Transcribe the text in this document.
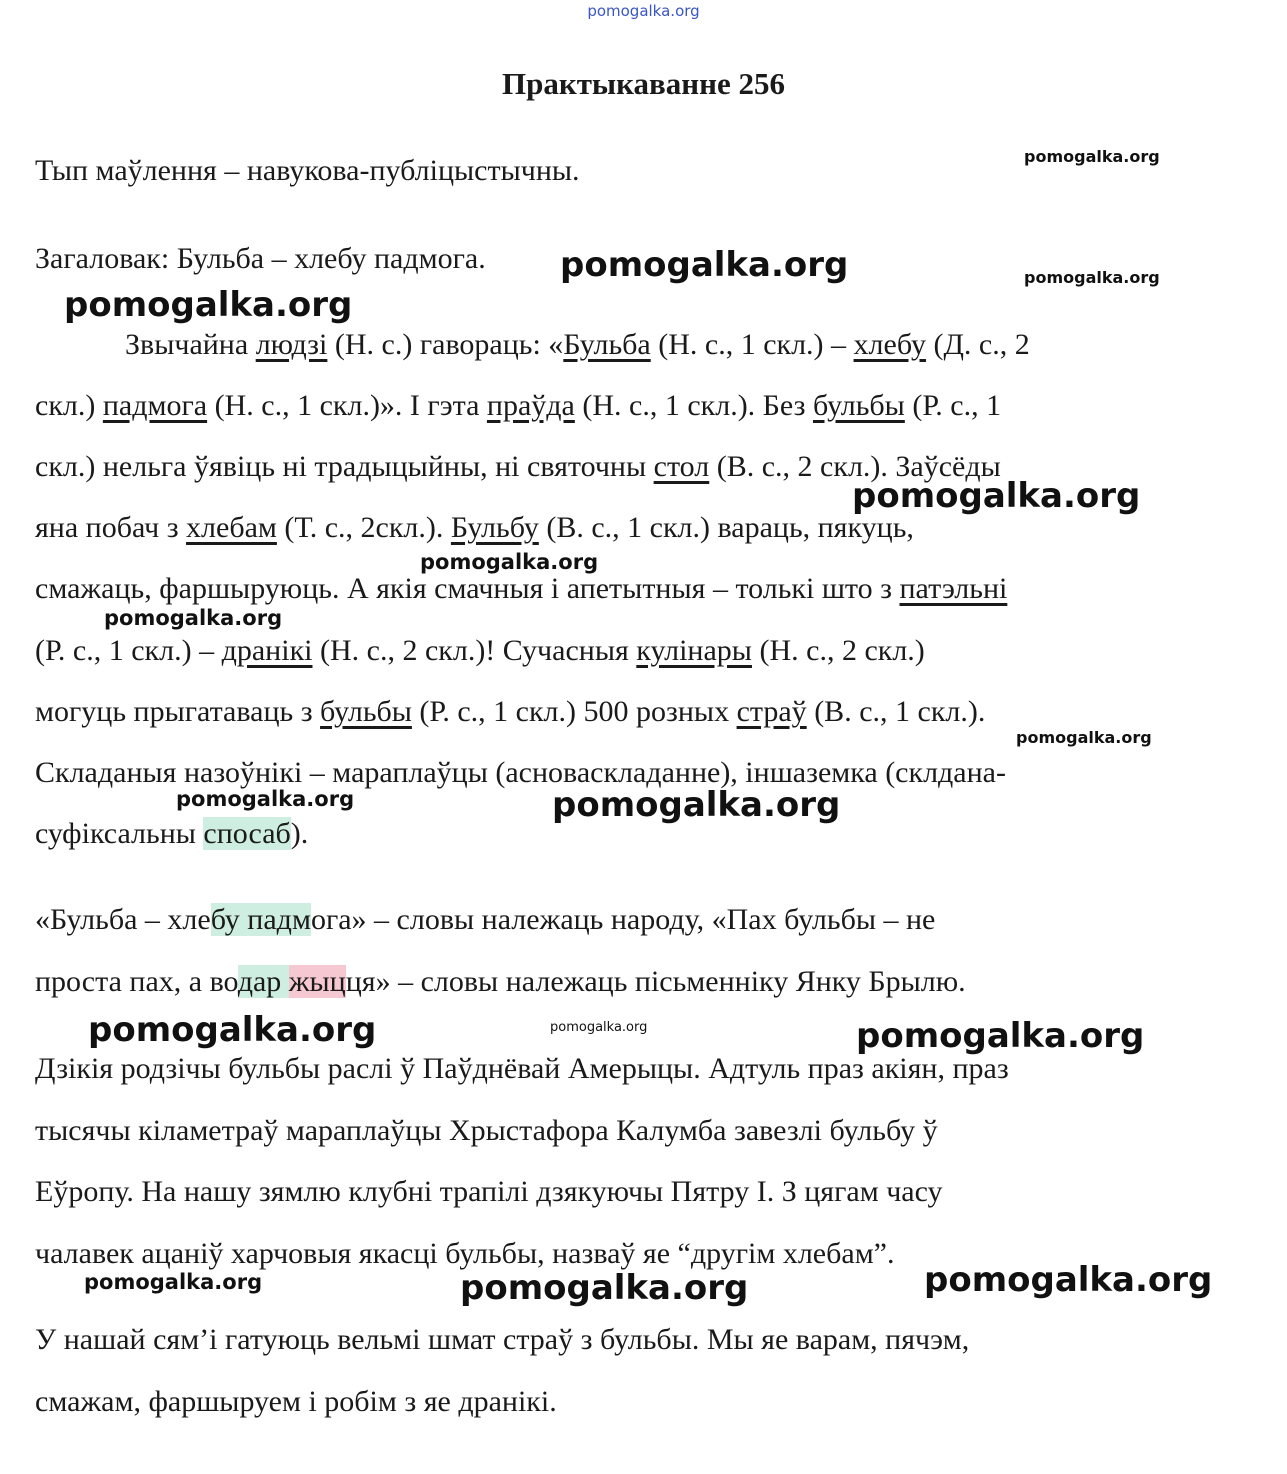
pomogalka.org
Практыкаванне 256
Тып маўлення – навукова-публіцыстычны.
Загаловак: Бульба – хлебу падмога.
Звычайна людзі (Н. с.) гавораць: «Бульба (Н. с., 1 скл.) – хлебу (Д. с., 2
скл.) падмога (Н. с., 1 скл.)». І гэта праўда (Н. с., 1 скл.). Без бульбы (Р. с., 1
скл.) нельга ўявіць ні традыцыйны, ні святочны стол (В. с., 2 скл.). Заўсёды
яна побач з хлебам (Т. с., 2скл.). Бульбу (В. с., 1 скл.) вараць, пякуць,
смажаць, фаршыруюць. А якія смачныя і апетытныя – толькі што з патэльні
(Р. с., 1 скл.) – дранікі (Н. с., 2 скл.)! Сучасныя кулінары (Н. с., 2 скл.)
могуць прыгатаваць з бульбы (Р. с., 1 скл.) 500 розных страў (В. с., 1 скл.).
Складаныя назоўнікі – мараплаўцы (асноваскладанне), іншаземка (склдана-
суфіксальны спосаб).
«Бульба – хлебу падмога» – словы належаць народу, «Пах бульбы – не
проста пах, а водар жыцця» – словы належаць пісьменніку Янку Брылю.
Дзікія родзічы бульбы раслі ў Паўднёвай Амерыцы. Адтуль праз акіян, праз
тысячы кіламетраў мараплаўцы Хрыстафора Калумба завезлі бульбу ў
Еўропу. На нашу зямлю клубні трапілі дзякуючы Пятру І. З цягам часу
чалавек ацаніў харчовыя якасці бульбы, назваў яе “другім хлебам”.
У нашай сям’і гатуюць вельмі шмат страў з бульбы. Мы яе варам, пячэм,
смажам, фаршыруем і робім з яе дранікі.
pomogalka.org
pomogalka.org	pomogalka.org
pomogalka.org
pomogalka.org
pomogalka.org
pomogalka.org
pomogalka.org
pomogalka.org	pomogalka.org
pomogalka.org	pomogalka.org	pomogalka.org
pomogalka.org	pomogalka.org	pomogalka.org
